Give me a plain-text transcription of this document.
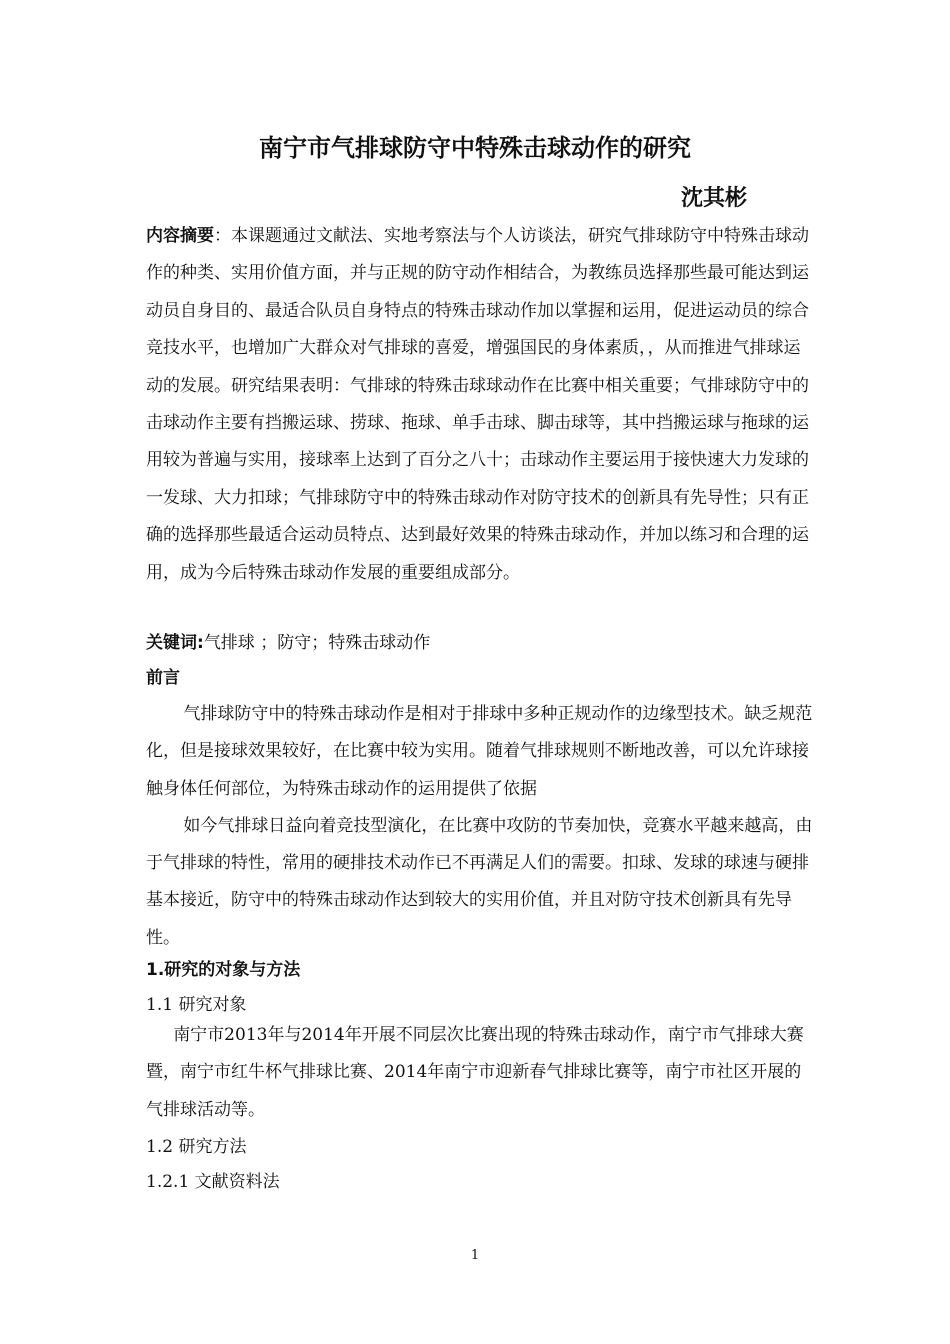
南宁市气排球防守中特殊击球动作的研究
沈其彬
内容摘要：本课题通过文献法、实地考察法与个人访谈法，研究气排球防守中特殊击球动作的种类、实用价值方面，并与正规的防守动作相结合，为教练员选择那些最可能达到运动员自身目的、最适合队员自身特点的特殊击球动作加以掌握和运用，促进运动员的综合竞技水平，也增加广大群众对气排球的喜爱，增强国民的身体素质，，从而推进气排球运动的发展。研究结果表明：气排球的特殊击球球动作在比赛中相关重要；气排球防守中的击球动作主要有挡搬运球、捞球、拖球、单手击球、脚击球等，其中挡搬运球与拖球的运用较为普遍与实用，接球率上达到了百分之八十；击球动作主要运用于接快速大力发球的一发球、大力扣球；气排球防守中的特殊击球动作对防守技术的创新具有先导性；只有正确的选择那些最适合运动员特点、达到最好效果的特殊击球动作，并加以练习和合理的运用，成为今后特殊击球动作发展的重要组成部分。
关键词:气排球 ；防守；特殊击球动作
前言

气排球防守中的特殊击球动作是相对于排球中多种正规动作的边缘型技术。缺乏规范化，但是接球效果较好，在比赛中较为实用。随着气排球规则不断地改善，可以允许球接触身体任何部位，为特殊击球动作的运用提供了依据

如今气排球日益向着竞技型演化，在比赛中攻防的节奏加快，竞赛水平越来越高，由于气排球的特性，常用的硬排技术动作已不再满足人们的需要。扣球、发球的球速与硬排基本接近，防守中的特殊击球动作达到较大的实用价值，并且对防守技术创新具有先导性。

1.研究的对象与方法
1.1 研究对象
南宁市2013年与2014年开展不同层次比赛出现的特殊击球动作，南宁市气排球大赛暨，南宁市红牛杯气排球比赛、2014年南宁市迎新春气排球比赛等，南宁市社区开展的气排球活动等。
1.2 研究方法
1.2.1 文献资料法
1
